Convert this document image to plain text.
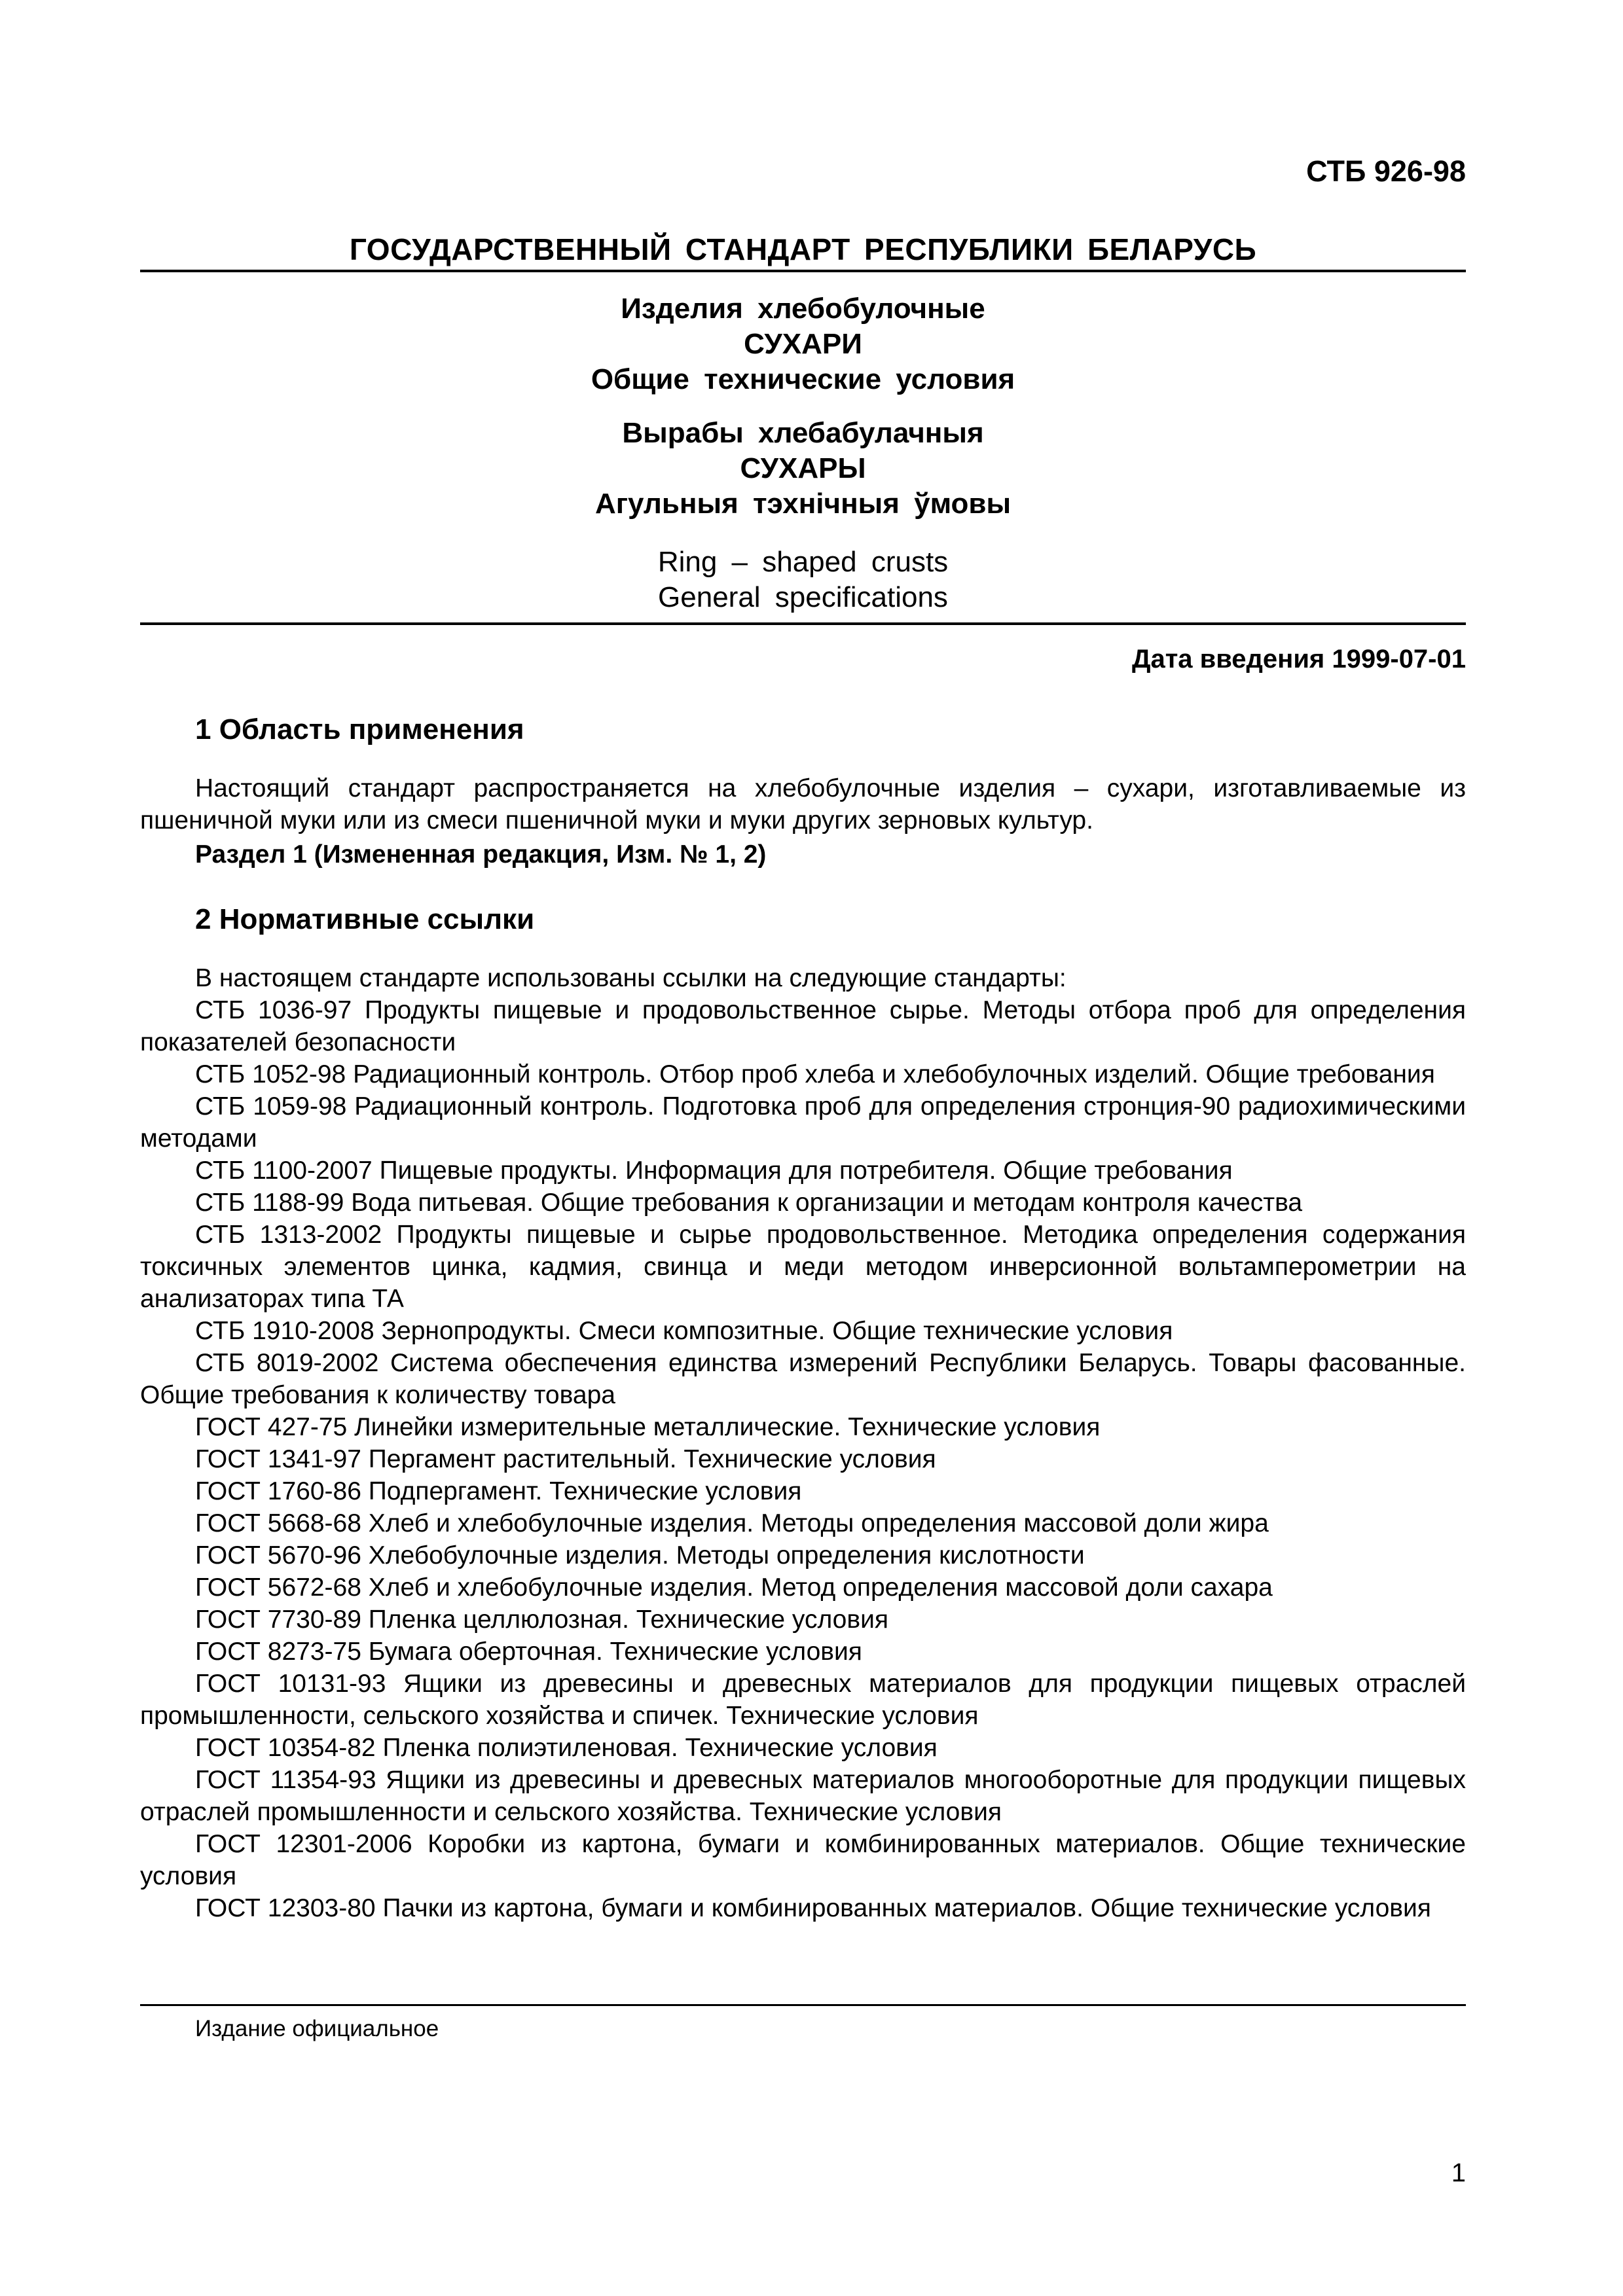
СТБ 926-98
ГОСУДАРСТВЕННЫЙ СТАНДАРТ РЕСПУБЛИКИ БЕЛАРУСЬ
Изделия хлебобулочные
СУХАРИ
Общие технические условия
Вырабы хлебабулачныя
СУХАРЫ
Агульныя тэхнiчныя ўмовы
Ring – shaped crusts
General specifications
Дата введения 1999-07-01
1 Область применения
Настоящий стандарт распространяется на хлебобулочные изделия – сухари, изготавливаемые из пшеничной муки или из смеси пшеничной муки и муки других зерновых культур.
Раздел 1 (Измененная редакция, Изм. № 1, 2)
2 Нормативные ссылки
В настоящем стандарте использованы ссылки на следующие стандарты:

СТБ 1036-97 Продукты пищевые и продовольственное сырье. Методы отбора проб для определения показателей безопасности

СТБ 1052-98 Радиационный контроль. Отбор проб хлеба и хлебобулочных изделий. Общие требования

СТБ 1059-98 Радиационный контроль. Подготовка проб для определения стронция-90 радиохимическими методами

СТБ 1100-2007 Пищевые продукты. Информация для потребителя. Общие требования

СТБ 1188-99 Вода питьевая. Общие требования к организации и методам контроля качества

СТБ 1313-2002 Продукты пищевые и сырье продовольственное. Методика определения содержания токсичных элементов цинка, кадмия, свинца и меди методом инверсионной вольтамперометрии на анализаторах типа ТА

СТБ 1910-2008 Зернопродукты. Смеси композитные. Общие технические условия

СТБ 8019-2002 Система обеспечения единства измерений Республики Беларусь. Товары фасованные. Общие требования к количеству товара

ГОСТ 427-75 Линейки измерительные металлические. Технические условия

ГОСТ 1341-97 Пергамент растительный. Технические условия

ГОСТ 1760-86 Подпергамент. Технические условия

ГОСТ 5668-68 Хлеб и хлебобулочные изделия. Методы определения массовой доли жира

ГОСТ 5670-96 Хлебобулочные изделия. Методы определения кислотности

ГОСТ 5672-68 Хлеб и хлебобулочные изделия. Метод определения массовой доли сахара

ГОСТ 7730-89 Пленка целлюлозная. Технические условия

ГОСТ 8273-75 Бумага оберточная. Технические условия

ГОСТ 10131-93 Ящики из древесины и древесных материалов для продукции пищевых отраслей промышленности, сельского хозяйства и спичек. Технические условия

ГОСТ 10354-82 Пленка полиэтиленовая. Технические условия

ГОСТ 11354-93 Ящики из древесины и древесных материалов многооборотные для продукции пищевых отраслей промышленности и сельского хозяйства. Технические условия

ГОСТ 12301-2006 Коробки из картона, бумаги и комбинированных материалов. Общие технические условия

ГОСТ 12303-80 Пачки из картона, бумаги и комбинированных материалов. Общие технические условия

Издание официальное
1
